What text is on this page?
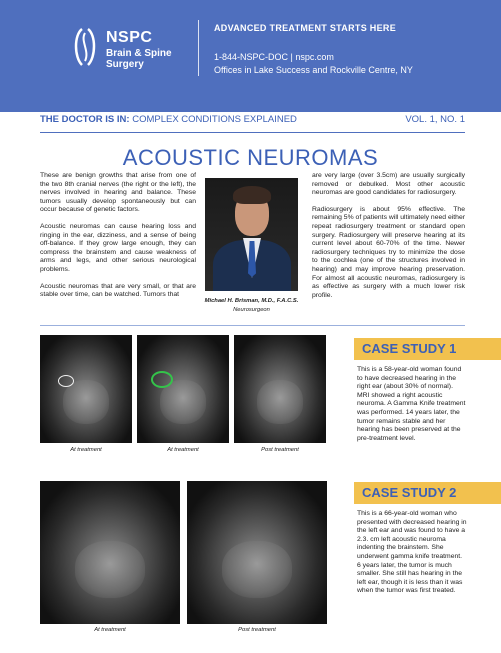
NSPC
Brain & Spine Surgery
ADVANCED TREATMENT STARTS HERE
1-844-NSPC-DOC | nspc.com
Offices in Lake Success and Rockville Centre, NY
THE DOCTOR IS IN: COMPLEX CONDITIONS EXPLAINED	VOL. 1, NO. 1
ACOUSTIC NEUROMAS

These are benign growths that arise from one of the two 8th cranial nerves (the right or the left), the nerves involved in hearing and balance. These tumors usually develop spontaneously but can occur because of genetic factors.

Acoustic neuromas can cause hearing loss and ringing in the ear, dizziness, and a sense of being off-balance. If they grow large enough, they can compress the brainstem and cause weakness of arms and legs, and other serious neurological problems.

Acoustic neuromas that are very small, or that are stable over time, can be watched. Tumors that

Michael H. Brisman, M.D., F.A.C.S.
Neurosurgeon

are very large (over 3.5cm) are usually surgically removed or debulked. Most other acoustic neuromas are good candidates for radiosurgery.

Radiosurgery is about 95% effective. The remaining 5% of patients will ultimately need either repeat radiosurgery treatment or standard open surgery. Radiosurgery will preserve hearing at its current level about 60-70% of the time. Newer radiosurgery techniques try to minimize the dose to the cochlea (one of the structures involved in hearing) and may improve hearing preservation. For almost all acoustic neuromas, radiosurgery is as effective as surgery with a much lower risk profile.

At treatment	At treatment	Post treatment
CASE STUDY 1
This is a 58-year-old woman found to have decreased hearing in the right ear (about 30% of normal). MRI showed a right acoustic neuroma. A Gamma Knife treatment was performed. 14 years later, the tumor remains stable and her hearing has been preserved at the pre-treatment level.
At treatment	Post treatment
CASE STUDY 2
This is a 66-year-old woman who presented with decreased hearing in the left ear and was found to have a 2.3. cm left acoustic neuroma indenting the brainstem. She underwent gamma knife treatment. 6 years later, the tumor is much smaller. She still has hearing in the left ear, though it is less than it was when the tumor was first treated.
